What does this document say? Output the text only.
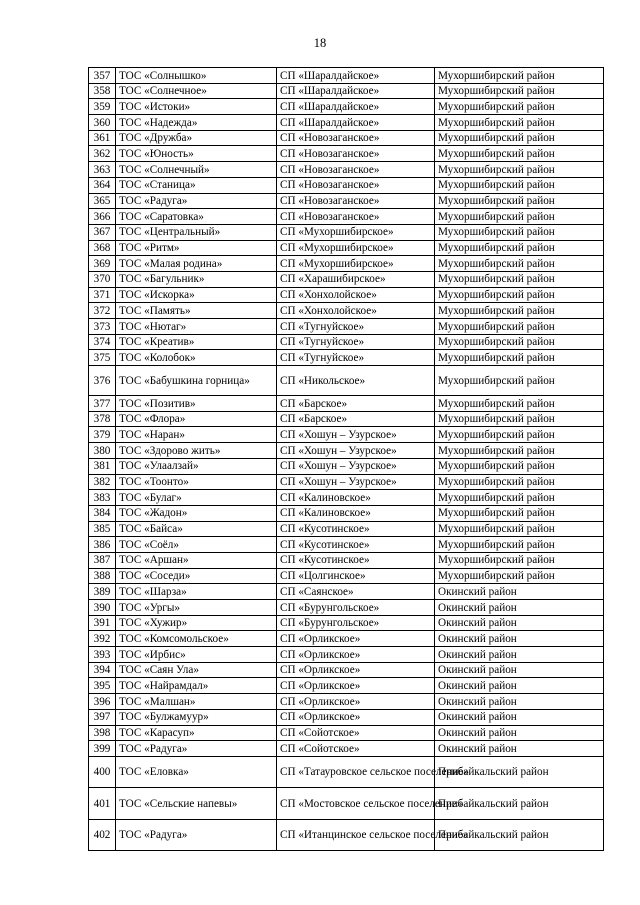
18
357	ТОС «Солнышко»	СП «Шаралдайское»	Мухоршибирский район
358	ТОС «Солнечное»	СП «Шаралдайское»	Мухоршибирский район
359	ТОС «Истоки»	СП «Шаралдайское»	Мухоршибирский район
360	ТОС «Надежда»	СП «Шаралдайское»	Мухоршибирский район
361	ТОС «Дружба»	СП «Новозаганское»	Мухоршибирский район
362	ТОС «Юность»	СП «Новозаганское»	Мухоршибирский район
363	ТОС «Солнечный»	СП «Новозаганское»	Мухоршибирский район
364	ТОС «Станица»	СП «Новозаганское»	Мухоршибирский район
365	ТОС «Радуга»	СП «Новозаганское»	Мухоршибирский район
366	ТОС «Саратовка»	СП «Новозаганское»	Мухоршибирский район
367	ТОС «Центральный»	СП «Мухоршибирское»	Мухоршибирский район
368	ТОС «Ритм»	СП «Мухоршибирское»	Мухоршибирский район
369	ТОС «Малая родина»	СП «Мухоршибирское»	Мухоршибирский район
370	ТОС «Багульник»	СП «Харашибирское»	Мухоршибирский район
371	ТОС «Искорка»	СП «Хонхолойское»	Мухоршибирский район
372	ТОС «Память»	СП «Хонхолойское»	Мухоршибирский район
373	ТОС «Нютаг»	СП «Тугнуйское»	Мухоршибирский район
374	ТОС «Креатив»	СП «Тугнуйское»	Мухоршибирский район
375	ТОС «Колобок»	СП «Тугнуйское»	Мухоршибирский район
376	ТОС «Бабушкина горница»	СП «Никольское»	Мухоршибирский район
377	ТОС «Позитив»	СП «Барское»	Мухоршибирский район
378	ТОС «Флора»	СП «Барское»	Мухоршибирский район
379	ТОС «Наран»	СП «Хошун – Узурское»	Мухоршибирский район
380	ТОС «Здорово жить»	СП «Хошун – Узурское»	Мухоршибирский район
381	ТОС «Улаалзай»	СП «Хошун – Узурское»	Мухоршибирский район
382	ТОС «Тоонто»	СП «Хошун – Узурское»	Мухоршибирский район
383	ТОС «Булаг»	СП «Калиновское»	Мухоршибирский район
384	ТОС «Жадон»	СП «Калиновское»	Мухоршибирский район
385	ТОС «Байса»	СП «Кусотинское»	Мухоршибирский район
386	ТОС «Соёл»	СП «Кусотинское»	Мухоршибирский район
387	ТОС «Аршан»	СП «Кусотинское»	Мухоршибирский район
388	ТОС «Соседи»	СП «Цолгинское»	Мухоршибирский район
389	ТОС «Шарза»	СП «Саянское»	Окинский район
390	ТОС «Ургы»	СП «Бурунгольское»	Окинский район
391	ТОС «Хужир»	СП «Бурунгольское»	Окинский район
392	ТОС «Комсомольское»	СП «Орликское»	Окинский район
393	ТОС «Ирбис»	СП «Орликское»	Окинский район
394	ТОС «Саян Ула»	СП «Орликское»	Окинский район
395	ТОС «Найрамдал»	СП «Орликское»	Окинский район
396	ТОС «Малшан»	СП «Орликское»	Окинский район
397	ТОС «Булжамуур»	СП «Орликское»	Окинский район
398	ТОС «Карасуп»	СП «Сойотское»	Окинский район
399	ТОС «Радуга»	СП «Сойотское»	Окинский район
400	ТОС «Еловка»	СП «Татауровское сельское поселение»	Прибайкальский район
401	ТОС «Сельские напевы»	СП «Мостовское сельское поселение»	Прибайкальский район
402	ТОС «Радуга»	СП «Итанцинское сельское поселение»	Прибайкальский район
